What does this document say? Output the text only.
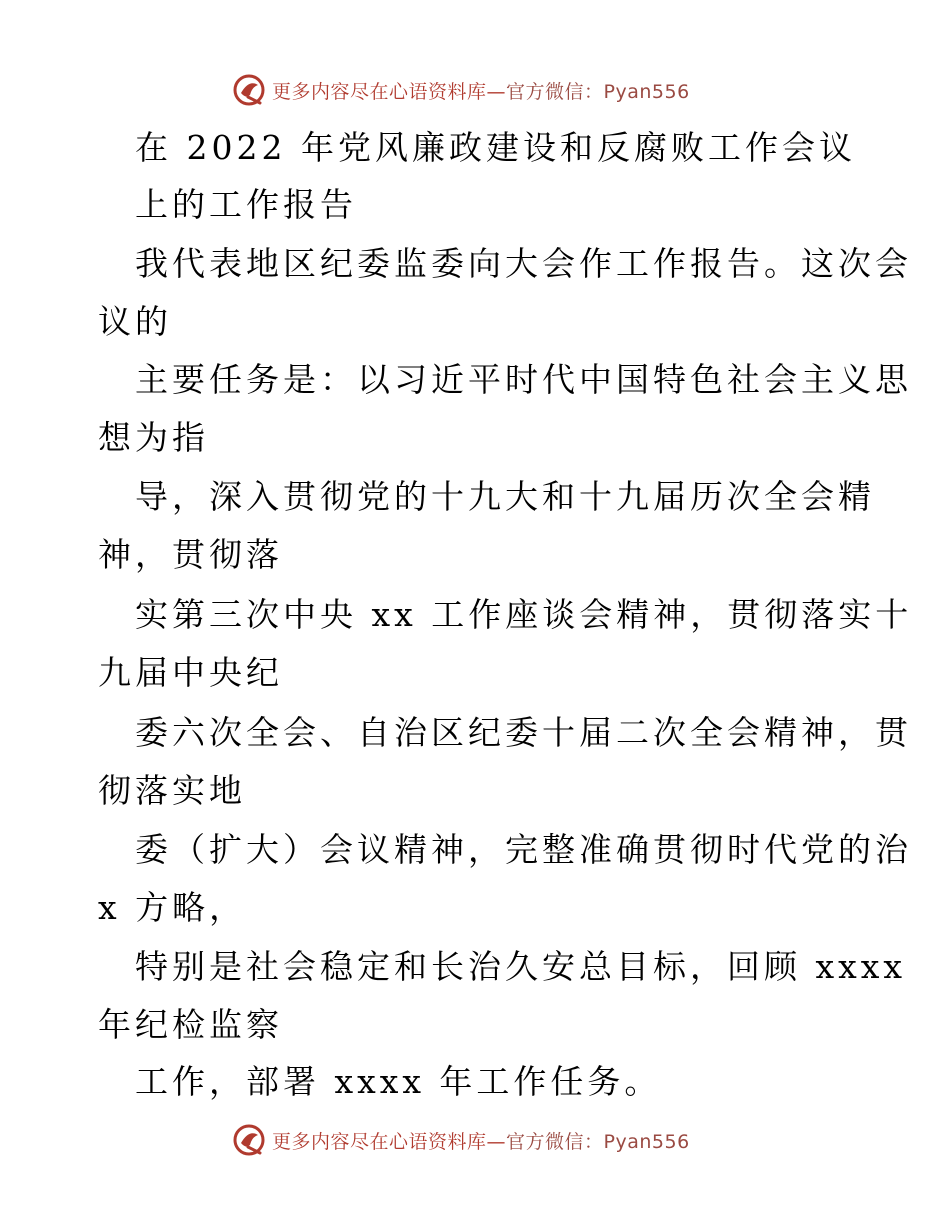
更多内容尽在心语资料库—官方微信：Pyan556
在 2022 年党风廉政建设和反腐败工作会议
上的工作报告
我代表地区纪委监委向大会作工作报告。这次会
议的
主要任务是：以习近平时代中国特色社会主义思
想为指
导，深入贯彻党的十九大和十九届历次全会精
神，贯彻落
实第三次中央 xx 工作座谈会精神，贯彻落实十
九届中央纪
委六次全会、自治区纪委十届二次全会精神，贯
彻落实地
委（扩大）会议精神，完整准确贯彻时代党的治
x 方略，
特别是社会稳定和长治久安总目标，回顾 xxxx
年纪检监察
工作，部署 xxxx 年工作任务。
更多内容尽在心语资料库—官方微信：Pyan556
